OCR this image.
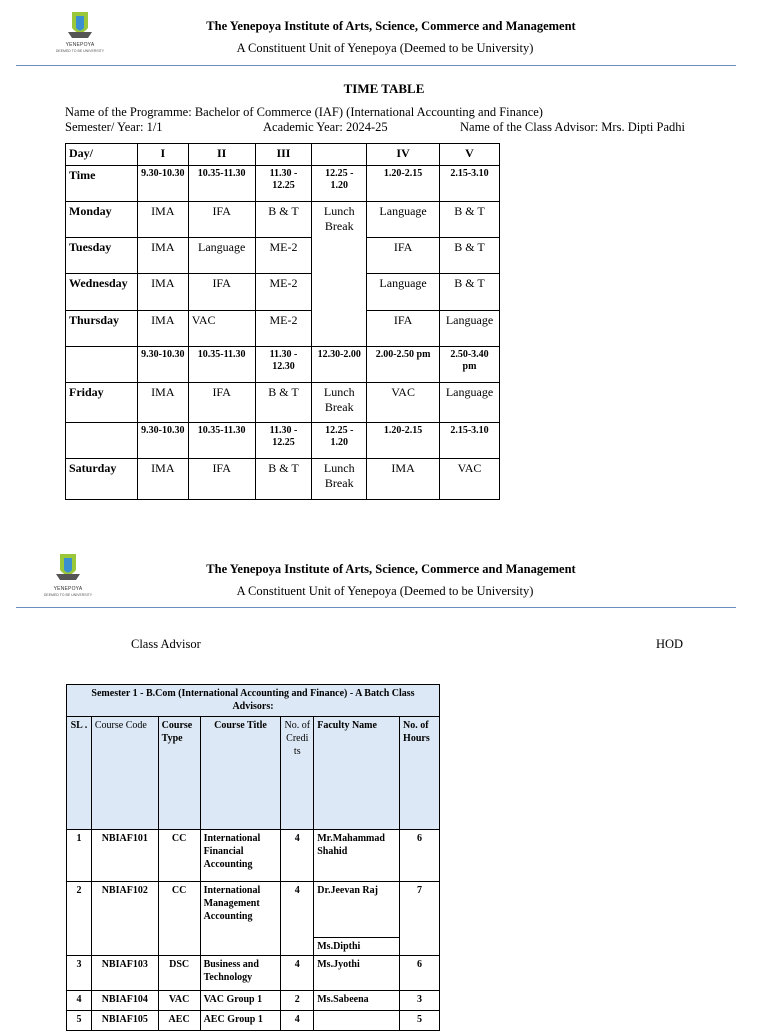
YENEPOYA
DEEMED TO BE UNIVERSITY
The Yenepoya Institute of Arts, Science, Commerce and Management
A Constituent Unit of Yenepoya (Deemed to be University)
TIME TABLE
Name of the Programme: Bachelor of Commerce (IAF) (International Accounting and Finance)
Semester/ Year: 1/1	Academic Year: 2024-25	Name of the Class Advisor: Mrs. Dipti Padhi
Day/	I	II	III		IV	V
Time	9.30-10.30	10.35-11.30	11.30 - 12.25	12.25 - 1.20	1.20-2.15	2.15-3.10
Monday	IMA	IFA	B & T	Lunch Break	Language	B & T
Tuesday	IMA	Language	ME-2		IFA	B & T
Wednesday	IMA	IFA	ME-2		Language	B & T
Thursday	IMA	VAC	ME-2		IFA	Language
	9.30-10.30	10.35-11.30	11.30 - 12.30	12.30-2.00	2.00-2.50 pm	2.50-3.40 pm
Friday	IMA	IFA	B & T	Lunch Break	VAC	Language
	9.30-10.30	10.35-11.30	11.30 - 12.25	12.25 - 1.20	1.20-2.15	2.15-3.10
Saturday	IMA	IFA	B & T	Lunch Break	IMA	VAC
YENEPOYA
DEEMED TO BE UNIVERSITY
The Yenepoya Institute of Arts, Science, Commerce and Management
A Constituent Unit of Yenepoya (Deemed to be University)
Class Advisor	HOD
Semester 1 - B.Com (International Accounting and Finance) - A Batch Class Advisors:						
SL .	Course Code	Course Type	Course Title	No. of Credi ts	Faculty Name	No. of Hours
1	NBIAF101	CC	International Financial Accounting	4	Mr.Mahammad Shahid	6
2	NBIAF102	CC	International Management Accounting	4	Dr.Jeevan Raj	7
					Ms.Dipthi	
3	NBIAF103	DSC	Business and Technology	4	Ms.Jyothi	6
4	NBIAF104	VAC	VAC Group 1	2	Ms.Sabeena	3
5	NBIAF105	AEC	AEC Group 1	4		5
